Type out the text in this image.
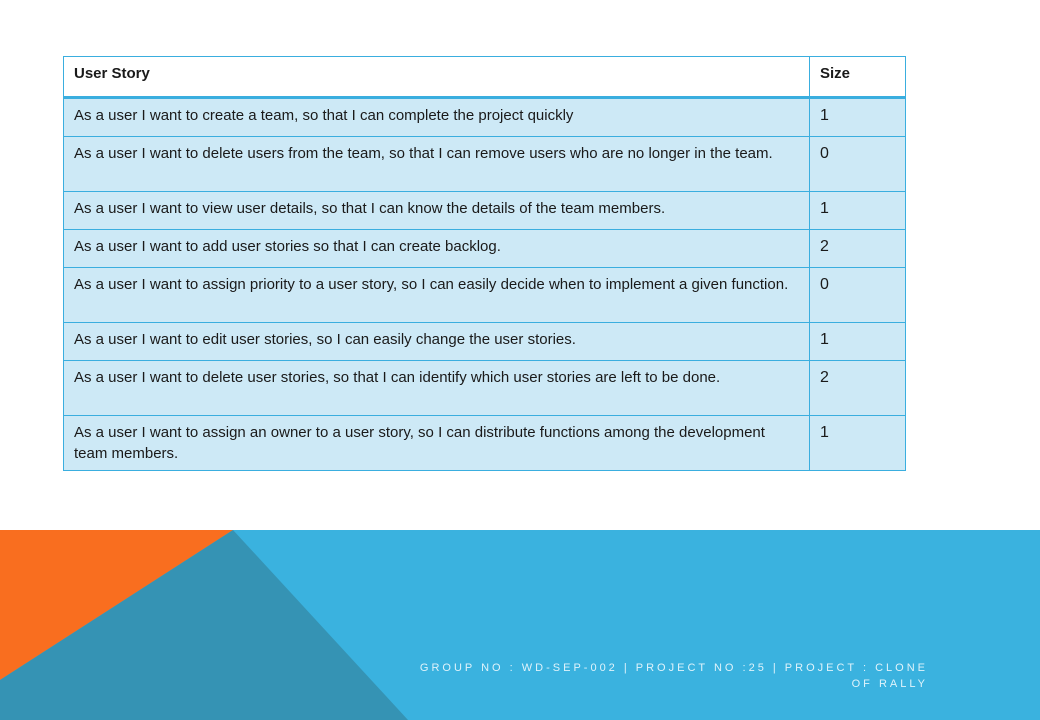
User Story	Size
As a user I want to create a team, so that I can complete the project quickly	1
As a user I want to delete users from the team, so that I can remove users who are no longer in the team.	0
As a user I want to view user details, so that I can know the details of the team members.	1
As a user I want to add user stories so that I can create backlog.	2
As a user I want to assign priority to a user story, so I can easily decide when to implement a given function.	0
As a user I want to edit user stories, so I can easily change the user stories.	1
As a user I want to delete user stories, so that I can identify which user stories are left to be done.	2
As a user I want to assign an owner to a user story, so I can distribute functions among the development team members.	1
GROUP NO : WD-SEP-002 | PROJECT NO :25 | PROJECT : CLONE OF RALLY
